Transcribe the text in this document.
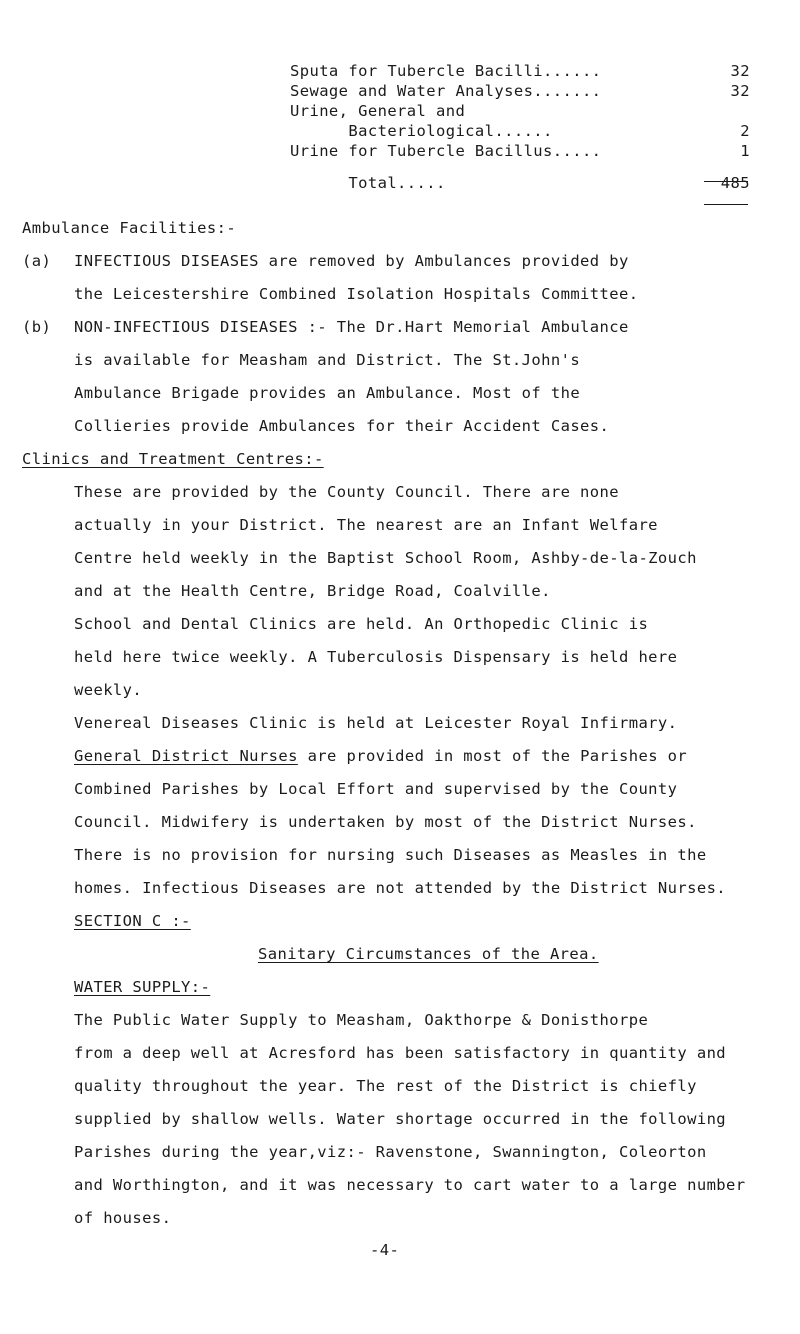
Sputa for Tubercle Bacilli......	32
Sewage and Water Analyses.......	32
Urine, General and
Bacteriological......	2
Urine for Tubercle Bacillus.....	1
Total.....	485
Ambulance Facilities:-
(a) INFECTIOUS DISEASES are removed by Ambulances provided by
the Leicestershire Combined Isolation Hospitals Committee.
(b) NON-INFECTIOUS DISEASES :- The Dr.Hart Memorial Ambulance
is available for Measham and District. The St.John's
Ambulance Brigade provides an Ambulance. Most of the
Collieries provide Ambulances for their Accident Cases.
Clinics and Treatment Centres:-
These are provided by the County Council. There are none
actually in your District. The nearest are an Infant Welfare
Centre held weekly in the Baptist School Room, Ashby-de-la-Zouch
and at the Health Centre, Bridge Road, Coalville.
School and Dental Clinics are held. An Orthopedic Clinic is
held here twice weekly. A Tuberculosis Dispensary is held here
weekly.
Venereal Diseases Clinic is held at Leicester Royal Infirmary.
General District Nurses are provided in most of the Parishes or
Combined Parishes by Local Effort and supervised by the County
Council. Midwifery is undertaken by most of the District Nurses.
There is no provision for nursing such Diseases as Measles in the
homes. Infectious Diseases are not attended by the District Nurses.
SECTION C :-
Sanitary Circumstances of the Area.
WATER SUPPLY:-
The Public Water Supply to Measham, Oakthorpe & Donisthorpe
from a deep well at Acresford has been satisfactory in quantity and
quality throughout the year. The rest of the District is chiefly
supplied by shallow wells. Water shortage occurred in the following
Parishes during the year,viz:- Ravenstone, Swannington, Coleorton
and Worthington, and it was necessary to cart water to a large number
of houses.
-4-
